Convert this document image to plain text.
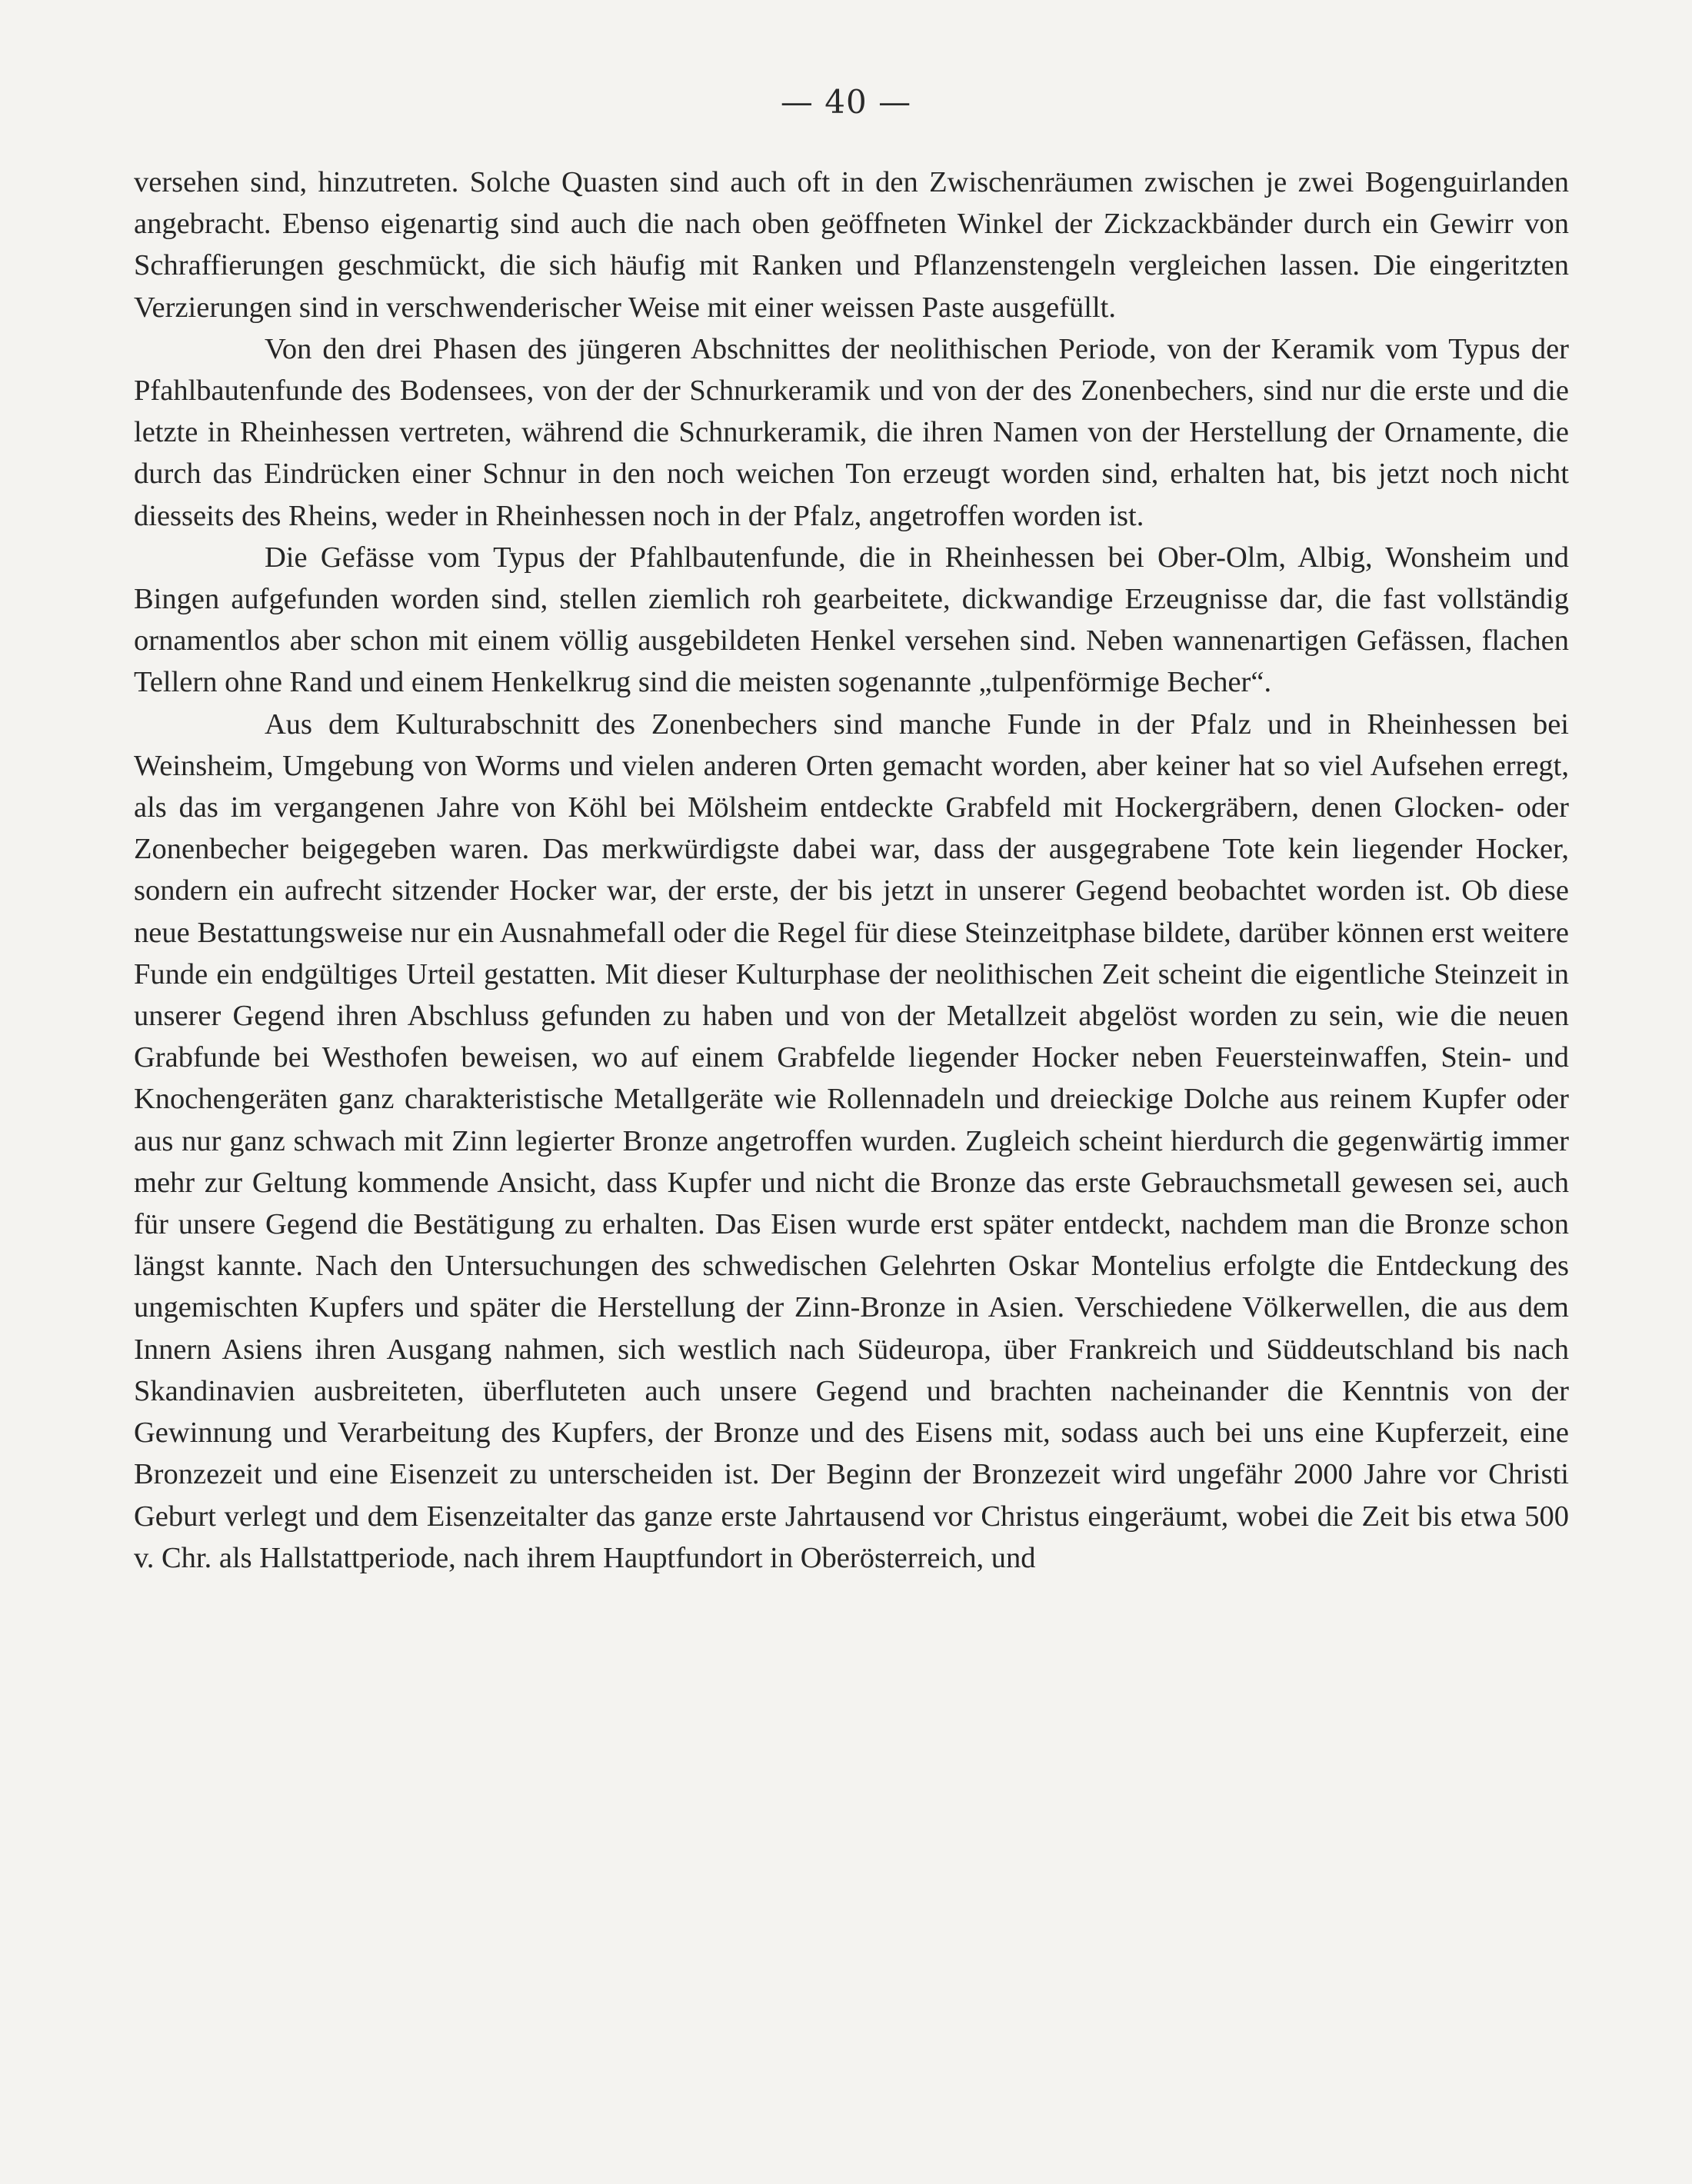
— 40 —

versehen sind, hinzutreten. Solche Quasten sind auch oft in den Zwischenräumen zwischen je zwei Bogenguirlanden angebracht. Ebenso eigenartig sind auch die nach oben geöffneten Winkel der Zickzackbänder durch ein Gewirr von Schraffierungen geschmückt, die sich häufig mit Ranken und Pflanzenstengeln vergleichen lassen. Die eingeritzten Verzierungen sind in verschwenderischer Weise mit einer weissen Paste ausgefüllt.

Von den drei Phasen des jüngeren Abschnittes der neolithischen Periode, von der Keramik vom Typus der Pfahlbautenfunde des Bodensees, von der der Schnurkeramik und von der des Zonenbechers, sind nur die erste und die letzte in Rheinhessen vertreten, während die Schnurkeramik, die ihren Namen von der Herstellung der Ornamente, die durch das Eindrücken einer Schnur in den noch weichen Ton erzeugt worden sind, erhalten hat, bis jetzt noch nicht diesseits des Rheins, weder in Rheinhessen noch in der Pfalz, angetroffen worden ist.

Die Gefässe vom Typus der Pfahlbautenfunde, die in Rheinhessen bei Ober-Olm, Albig, Wonsheim und Bingen aufgefunden worden sind, stellen ziemlich roh gearbeitete, dickwandige Erzeugnisse dar, die fast vollständig ornamentlos aber schon mit einem völlig ausgebildeten Henkel versehen sind. Neben wannenartigen Gefässen, flachen Tellern ohne Rand und einem Henkelkrug sind die meisten sogenannte „tulpenförmige Becher“.

Aus dem Kulturabschnitt des Zonenbechers sind manche Funde in der Pfalz und in Rheinhessen bei Weinsheim, Umgebung von Worms und vielen anderen Orten gemacht worden, aber keiner hat so viel Aufsehen erregt, als das im vergangenen Jahre von Köhl bei Mölsheim entdeckte Grabfeld mit Hockergräbern, denen Glocken- oder Zonenbecher beigegeben waren. Das merkwürdigste dabei war, dass der ausgegrabene Tote kein liegender Hocker, sondern ein aufrecht sitzender Hocker war, der erste, der bis jetzt in unserer Gegend beobachtet worden ist. Ob diese neue Bestattungsweise nur ein Ausnahmefall oder die Regel für diese Steinzeitphase bildete, darüber können erst weitere Funde ein endgültiges Urteil gestatten. Mit dieser Kulturphase der neolithischen Zeit scheint die eigentliche Steinzeit in unserer Gegend ihren Abschluss gefunden zu haben und von der Metallzeit abgelöst worden zu sein, wie die neuen Grabfunde bei Westhofen beweisen, wo auf einem Grabfelde liegender Hocker neben Feuersteinwaffen, Stein- und Knochengeräten ganz charakteristische Metallgeräte wie Rollennadeln und dreieckige Dolche aus reinem Kupfer oder aus nur ganz schwach mit Zinn legierter Bronze angetroffen wurden. Zugleich scheint hierdurch die gegenwärtig immer mehr zur Geltung kommende Ansicht, dass Kupfer und nicht die Bronze das erste Gebrauchsmetall gewesen sei, auch für unsere Gegend die Bestätigung zu erhalten. Das Eisen wurde erst später entdeckt, nachdem man die Bronze schon längst kannte. Nach den Untersuchungen des schwedischen Gelehrten Oskar Montelius erfolgte die Entdeckung des ungemischten Kupfers und später die Herstellung der Zinn-Bronze in Asien. Verschiedene Völkerwellen, die aus dem Innern Asiens ihren Ausgang nahmen, sich westlich nach Südeuropa, über Frankreich und Süddeutschland bis nach Skandinavien ausbreiteten, überfluteten auch unsere Gegend und brachten nacheinander die Kenntnis von der Gewinnung und Verarbeitung des Kupfers, der Bronze und des Eisens mit, sodass auch bei uns eine Kupferzeit, eine Bronzezeit und eine Eisenzeit zu unterscheiden ist. Der Beginn der Bronzezeit wird ungefähr 2000 Jahre vor Christi Geburt verlegt und dem Eisenzeitalter das ganze erste Jahrtausend vor Christus eingeräumt, wobei die Zeit bis etwa 500 v. Chr. als Hallstattperiode, nach ihrem Hauptfundort in Oberösterreich, und
